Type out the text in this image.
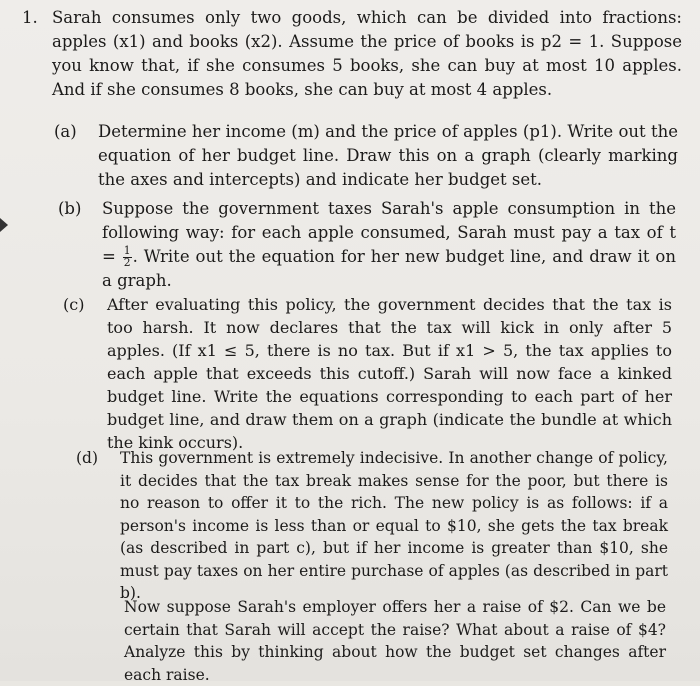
1. Sarah consumes only two goods, which can be divided into fractions: apples (x1) and books (x2). Assume the price of books is p2 = 1. Suppose you know that, if she consumes 5 books, she can buy at most 10 apples. And if she consumes 8 books, she can buy at most 4 apples.
(a) Determine her income (m) and the price of apples (p1). Write out the equation of her budget line. Draw this on a graph (clearly marking the axes and intercepts) and indicate her budget set.
(b) Suppose the government taxes Sarah's apple consumption in the following way: for each apple consumed, Sarah must pay a tax of $t = \frac{1}{2}$ . Write out the equation for her new budget line, and draw it on a graph.
(c) After evaluating this policy, the government decides that the tax is too harsh. It now declares that the tax will kick in only after 5 apples. (If x1 ≤ 5, there is no tax. But if x1 > 5, the tax applies to each apple that exceeds this cutoff.) Sarah will now face a kinked budget line. Write the equations corresponding to each part of her budget line, and draw them on a graph (indicate the bundle at which the kink occurs).
(d) This government is extremely indecisive. In another change of policy, it decides that the tax break makes sense for the poor, but there is no reason to offer it to the rich. The new policy is as follows: if a person's income is less than or equal to $10, she gets the tax break (as described in part c), but if her income is greater than $10, she must pay taxes on her entire purchase of apples (as described in part b).
Now suppose Sarah's employer offers her a raise of $2. Can we be certain that Sarah will accept the raise? What about a raise of $4? Analyze this by thinking about how the budget set changes after each raise.
